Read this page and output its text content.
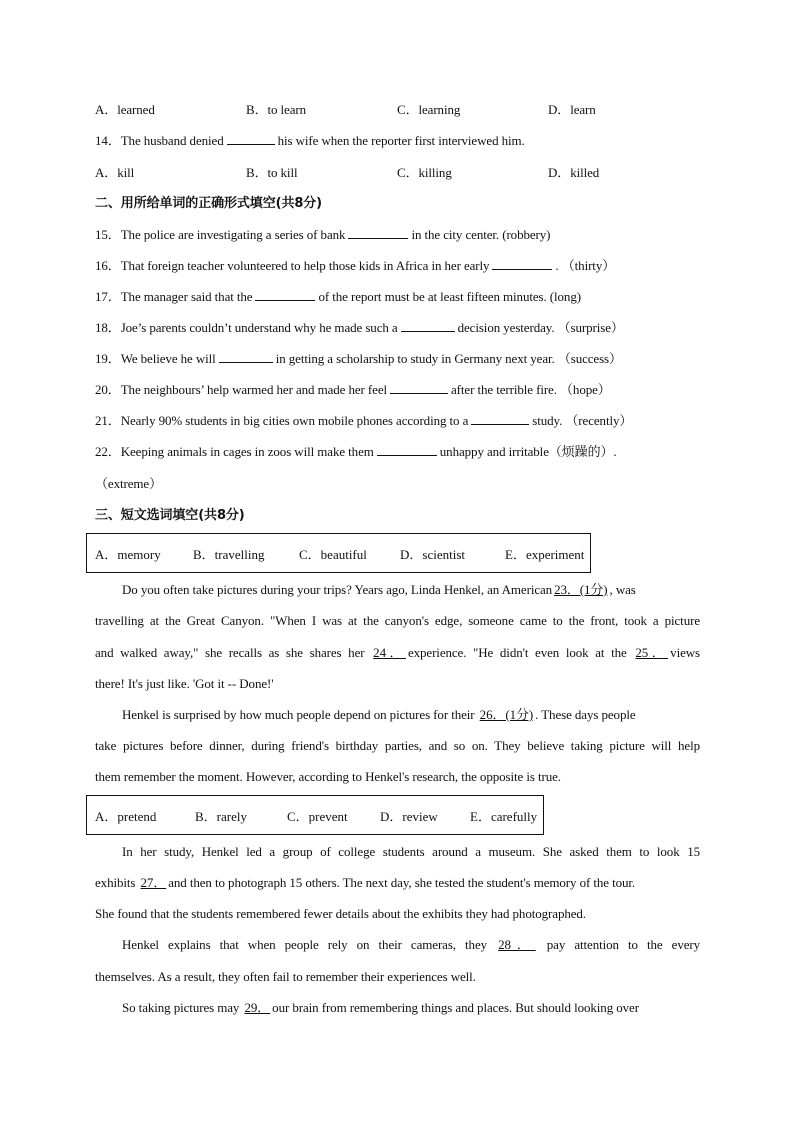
A．learned	B．to learn	C．learning	D．learn
14．The husband denied	his wife when the reporter first interviewed him.
A．kill	B．to kill	C．killing	D．killed
二、用所给单词的正确形式填空(共8分)
15．The police are investigating a series of bank	in the city center. (robbery)
16．That foreign teacher volunteered to help those kids in Africa in her early	. （thirty）
17．The manager said that the	of the report must be at least fifteen minutes. (long)
18．Joe’s parents couldn’t understand why he made such a	decision yesterday. （surprise）
19．We believe he will	in getting a scholarship to study in Germany next year. （success）
20．The neighbours’ help warmed her and made her feel	after the terrible fire. （hope）
21．Nearly 90% students in big cities own mobile phones according to a	study. （recently）
22．Keeping animals in cages in zoos will make them	unhappy and irritable（烦躁的）.
（extreme）
三、短文选词填空(共8分)
A．memory	B．travelling	C．beautiful	D．scientist	E．experiment
Do you often take pictures during your trips? Years ago, Linda Henkel, an American 23．(1分) , was
travelling at the Great Canyon. "When I was at the canyon's edge, someone came to the front, took a picture
and walked away," she recalls as she shares her 24． experience. "He didn't even look at the 25． views
there! It's just like. 'Got it -- Done!'
Henkel is surprised by how much people depend on pictures for their 26．(1分) . These days people
take pictures before dinner, during friend's birthday parties, and so on. They believe taking picture will help
them remember the moment. However, according to Henkel's research, the opposite is true.
A．pretend	B．rarely	C．prevent	D．review	E．carefully
In her study, Henkel led a group of college students around a museum. She asked them to look 15
exhibits 27． and then to photograph 15 others. The next day, she tested the student's memory of the tour.
She found that the students remembered fewer details about the exhibits they had photographed.
Henkel explains that when people rely on their cameras, they 28． pay attention to the every
themselves. As a result, they often fail to remember their experiences well.
So taking pictures may 29． our brain from remembering things and places. But should looking over
